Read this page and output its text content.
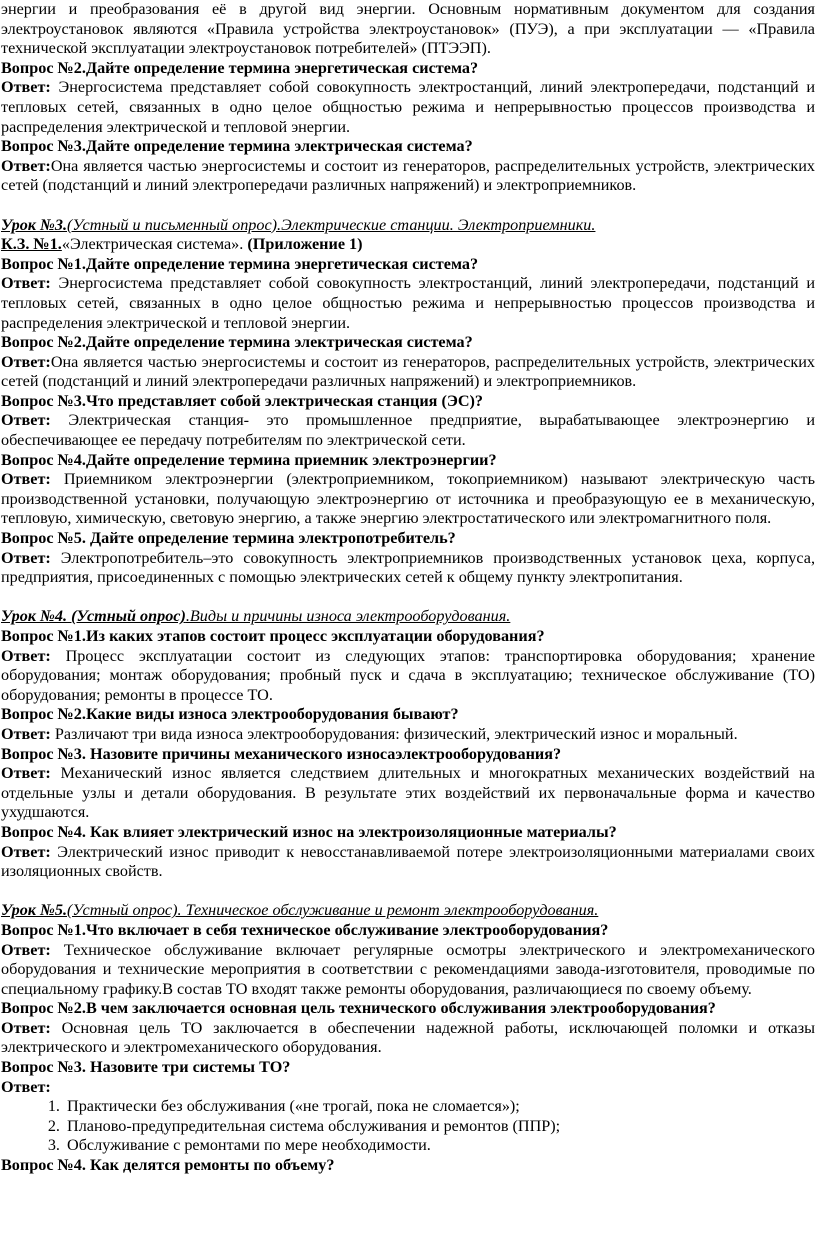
энергии и преобразования её в другой вид энергии. Основным нормативным документом для создания электроустановок являются «Правила устройства электроустановок» (ПУЭ), а при эксплуатации — «Правила технической эксплуатации электроустановок потребителей» (ПТЭЭП).

Вопрос №2.Дайте определение термина энергетическая система?

Ответ: Энергосистема представляет собой совокупность электростанций, линий электропередачи, подстанций и тепловых сетей, связанных в одно целое общностью режима и непрерывностью процессов производства и распределения электрической и тепловой энергии.

Вопрос №3.Дайте определение термина электрическая система?

Ответ:Она является частью энергосистемы и состоит из генераторов, распределительных устройств, электрических сетей (подстанций и линий электропередачи различных напряжений) и электроприемников.

Урок №3.(Устный и письменный опрос).Электрические станции. Электроприемники.

К.З. №1.«Электрическая система». (Приложение 1)

Вопрос №1.Дайте определение термина энергетическая система?

Ответ: Энергосистема представляет собой совокупность электростанций, линий электропередачи, подстанций и тепловых сетей, связанных в одно целое общностью режима и непрерывностью процессов производства и распределения электрической и тепловой энергии.

Вопрос №2.Дайте определение термина электрическая система?

Ответ:Она является частью энергосистемы и состоит из генераторов, распределительных устройств, электрических сетей (подстанций и линий электропередачи различных напряжений) и электроприемников.

Вопрос №3.Что представляет собой электрическая станция (ЭС)?

Ответ: Электрическая станция- это промышленное предприятие, вырабатывающее электроэнергию и обеспечивающее ее передачу потребителям по электрической сети.

Вопрос №4.Дайте определение термина приемник электроэнергии?

Ответ: Приемником электроэнергии (электроприемником, токоприемником) называют электрическую часть производственной установки, получающую электроэнергию от источника и преобразующую ее в механическую, тепловую, химическую, световую энергию, а также энергию электростатического или электромагнитного поля.

Вопрос №5. Дайте определение термина электропотребитель?

Ответ: Электропотребитель–это совокупность электроприемников производственных установок цеха, корпуса, предприятия, присоединенных с помощью электрических сетей к общему пункту электропитания.

Урок №4. (Устный опрос).Виды и причины износа электрооборудования.

Вопрос №1.Из каких этапов состоит процесс эксплуатации оборудования?

Ответ: Процесс эксплуатации состоит из следующих этапов: транспортировка оборудования; хранение оборудования; монтаж оборудования; пробный пуск и сдача в эксплуатацию; техническое обслуживание (ТО) оборудования; ремонты в процессе ТО.

Вопрос №2.Какие виды износа электрооборудования бывают?

Ответ: Различают три вида износа электрооборудования: физический, электрический износ и моральный.

Вопрос №3. Назовите причины механического износаэлектрооборудования?

Ответ: Механический износ является следствием длительных и многократных механических воздействий на отдельные узлы и детали оборудования. В результате этих воздействий их первоначальные форма и качество ухудшаются.

Вопрос №4. Как влияет электрический износ на электроизоляционные материалы?

Ответ: Электрический износ приводит к невосстанавливаемой потере электроизоляционными материалами своих изоляционных свойств.

Урок №5.(Устный опрос). Техническое обслуживание и ремонт электрооборудования.

Вопрос №1.Что включает в себя техническое обслуживание электрооборудования?

Ответ: Техническое обслуживание включает регулярные осмотры электрического и электромеханического оборудования и технические мероприятия в соответствии с рекомендациями завода-изготовителя, проводимые по специальному графику.В состав ТО входят также ремонты оборудования, различающиеся по своему объему.

Вопрос №2.В чем заключается основная цель технического обслуживания электрооборудования?

Ответ: Основная цель ТО заключается в обеспечении надежной работы, исключающей поломки и отказы электрического и электромеханического оборудования.

Вопрос №3. Назовите три системы ТО?

Ответ:

1. Практически без обслуживания («не трогай, пока не сломается»);
2. Планово-предупредительная система обслуживания и ремонтов (ППР);
3. Обслуживание с ремонтами по мере необходимости.

Вопрос №4. Как делятся ремонты по объему?
